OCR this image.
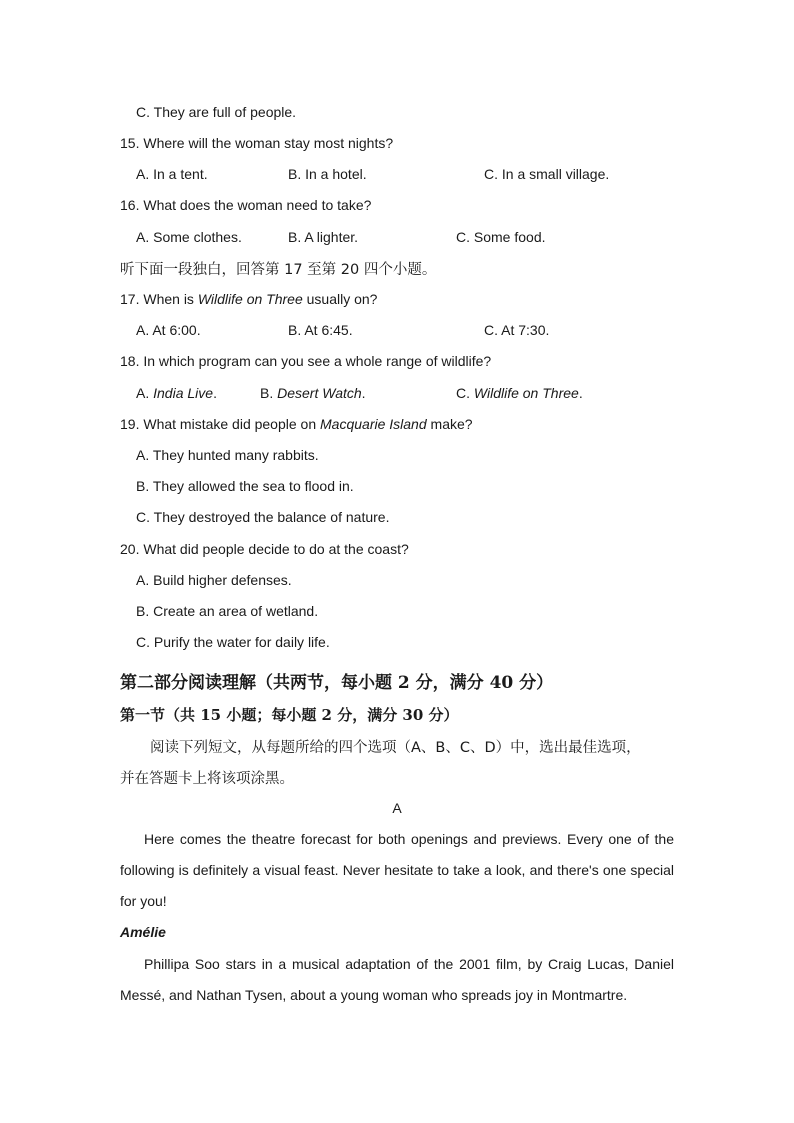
C. They are full of people.
15. Where will the woman stay most nights?
A. In a tent.	B. In a hotel.	C. In a small village.
16. What does the woman need to take?
A. Some clothes.	B. A lighter.	C. Some food.
听下面一段独白，回答第 17 至第 20 四个小题。
17. When is Wildlife on Three usually on?
A. At 6:00.	B. At 6:45.	C. At 7:30.
18. In which program can you see a whole range of wildlife?
A. India Live.	B. Desert Watch.	C. Wildlife on Three.
19. What mistake did people on Macquarie Island make?
A. They hunted many rabbits.
B. They allowed the sea to flood in.
C. They destroyed the balance of nature.
20. What did people decide to do at the coast?
A. Build higher defenses.
B. Create an area of wetland.
C. Purify the water for daily life.
第二部分阅读理解（共两节，每小题 2 分，满分 40 分）
第一节（共 15 小题；每小题 2 分，满分 30 分）
阅读下列短文，从每题所给的四个选项（A、B、C、D）中，选出最佳选项，
并在答题卡上将该项涂黑。
A
Here comes the theatre forecast for both openings and previews. Every one of the following is definitely a visual feast. Never hesitate to take a look, and there's one special for you!
Amélie
Phillipa Soo stars in a musical adaptation of the 2001 film, by Craig Lucas, Daniel Messé, and Nathan Tysen, about a young woman who spreads joy in Montmartre.
